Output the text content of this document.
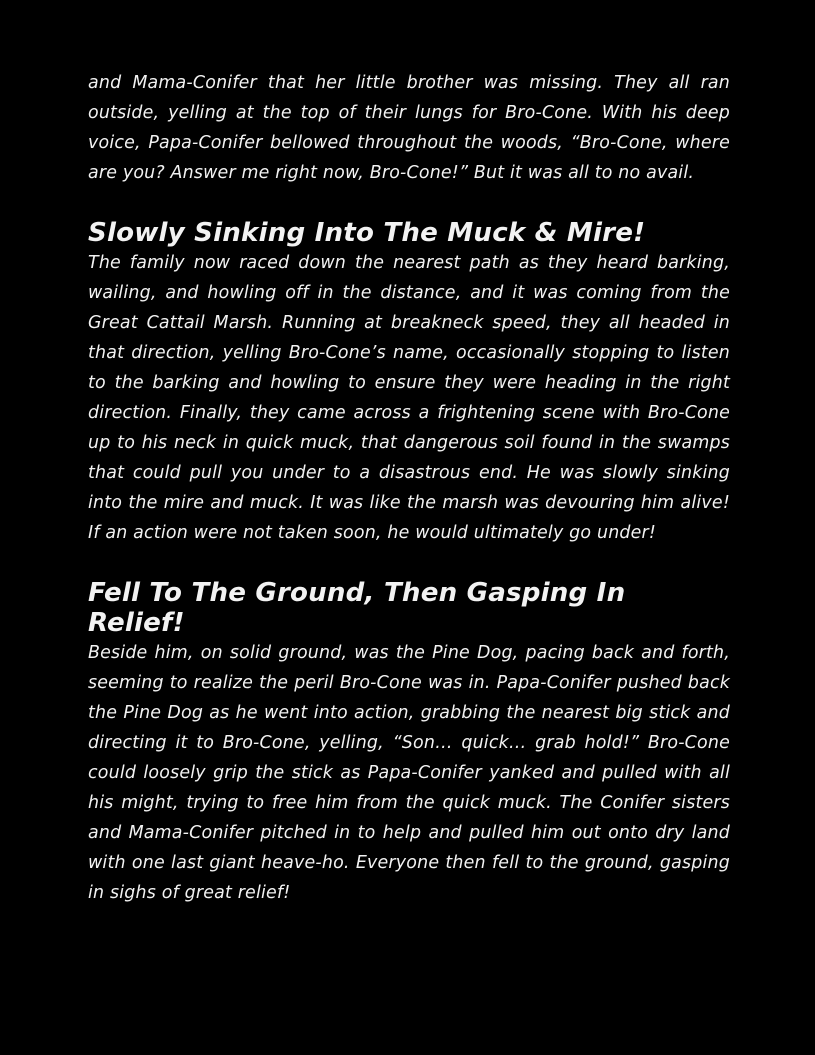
and Mama-Conifer that her little brother was missing. They all ran outside, yelling at the top of their lungs for Bro-Cone. With his deep voice, Papa-Conifer bellowed throughout the woods, “Bro-Cone, where are you? Answer me right now, Bro-Cone!” But it was all to no avail.

Slowly Sinking Into The Muck & Mire!

The family now raced down the nearest path as they heard barking, wailing, and howling off in the distance, and it was coming from the Great Cattail Marsh. Running at breakneck speed, they all headed in that direction, yelling Bro-Cone’s name, occasionally stopping to listen to the barking and howling to ensure they were heading in the right direction. Finally, they came across a frightening scene with Bro-Cone up to his neck in quick muck, that dangerous soil found in the swamps that could pull you under to a disastrous end. He was slowly sinking into the mire and muck. It was like the marsh was devouring him alive! If an action were not taken soon, he would ultimately go under!

Fell To The Ground, Then Gasping In Relief!

Beside him, on solid ground, was the Pine Dog, pacing back and forth, seeming to realize the peril Bro-Cone was in. Papa-Conifer pushed back the Pine Dog as he went into action, grabbing the nearest big stick and directing it to Bro-Cone, yelling, “Son… quick… grab hold!” Bro-Cone could loosely grip the stick as Papa-Conifer yanked and pulled with all his might, trying to free him from the quick muck. The Conifer sisters and Mama-Conifer pitched in to help and pulled him out onto dry land with one last giant heave-ho. Everyone then fell to the ground, gasping in sighs of great relief!
